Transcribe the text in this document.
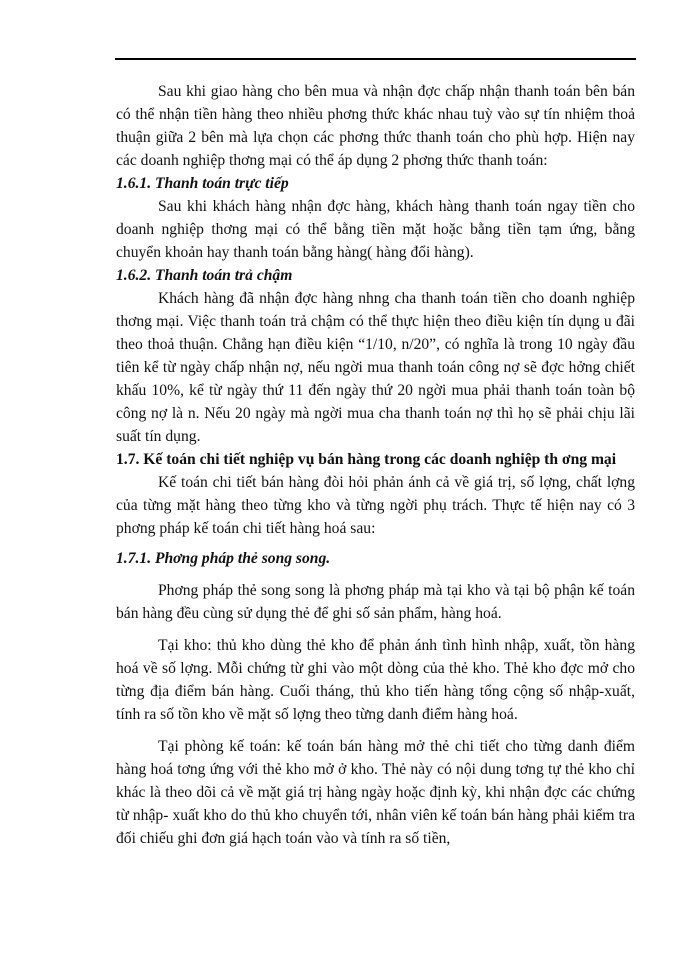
Sau khi giao hàng cho bên mua và nhận đợc chấp nhận thanh toán bên bán có thể nhận tiền hàng theo nhiều phơng thức khác nhau tuỳ vào sự tín nhiệm thoả thuận giữa 2 bên mà lựa chọn các phơng thức thanh toán cho phù hợp. Hiện nay các doanh nghiệp thơng mại có thể áp dụng 2 phơng thức thanh toán:

1.6.1. Thanh toán trực tiếp

Sau khi khách hàng nhận đợc hàng, khách hàng thanh toán ngay tiền cho doanh nghiệp thơng mại có thể bằng tiền mặt hoặc bằng tiền tạm ứng, bằng chuyển khoản hay thanh toán bằng hàng( hàng đổi hàng).

1.6.2. Thanh toán trả chậm

Khách hàng đã nhận đợc hàng nhng cha thanh toán tiền cho doanh nghiệp thơng mại. Việc thanh toán trả chậm có thể thực hiện theo điều kiện tín dụng u đãi theo thoả thuận. Chẳng hạn điều kiện “1/10, n/20”, có nghĩa là trong 10 ngày đầu tiên kể từ ngày chấp nhận nợ, nếu ngời mua thanh toán công nợ sẽ đợc hởng chiết khấu 10%, kể từ ngày thứ 11 đến ngày thứ 20 ngời mua phải thanh toán toàn bộ công nợ là n. Nếu 20 ngày mà ngời mua cha thanh toán nợ thì họ sẽ phải chịu lãi suất tín dụng.

1.7. Kế toán chi tiết nghiệp vụ bán hàng trong các doanh nghiệp th ơng mại

Kế toán chi tiết bán hàng đòi hỏi phản ánh cả về giá trị, số lợng, chất lợng của từng mặt hàng theo từng kho và từng ngời phụ trách. Thực tế hiện nay có 3 phơng pháp kế toán chi tiết hàng hoá sau:

1.7.1. Phơng pháp thẻ song song.

Phơng pháp thẻ song song là phơng pháp mà tại kho và tại bộ phận kế toán bán hàng đều cùng sử dụng thẻ để ghi số sản phẩm, hàng hoá.

Tại kho: thủ kho dùng thẻ kho để phản ánh tình hình nhập, xuất, tồn hàng hoá về số lợng. Mỗi chứng từ ghi vào một dòng của thẻ kho. Thẻ kho đợc mở cho từng địa điểm bán hàng. Cuối tháng, thủ kho tiến hàng tổng cộng số nhập-xuất, tính ra số tồn kho về mặt số lợng theo từng danh điểm hàng hoá.

Tại phòng kế toán: kế toán bán hàng mở thẻ chi tiết cho từng danh điểm hàng hoá tơng ứng với thẻ kho mở ở kho. Thẻ này có nội dung tơng tự thẻ kho chỉ khác là theo dõi cả về mặt giá trị hàng ngày hoặc định kỳ, khi nhận đợc các chứng từ nhập- xuất kho do thủ kho chuyển tới, nhân viên kế toán bán hàng phải kiểm tra đối chiếu ghi đơn giá hạch toán vào và tính ra số tiền,
